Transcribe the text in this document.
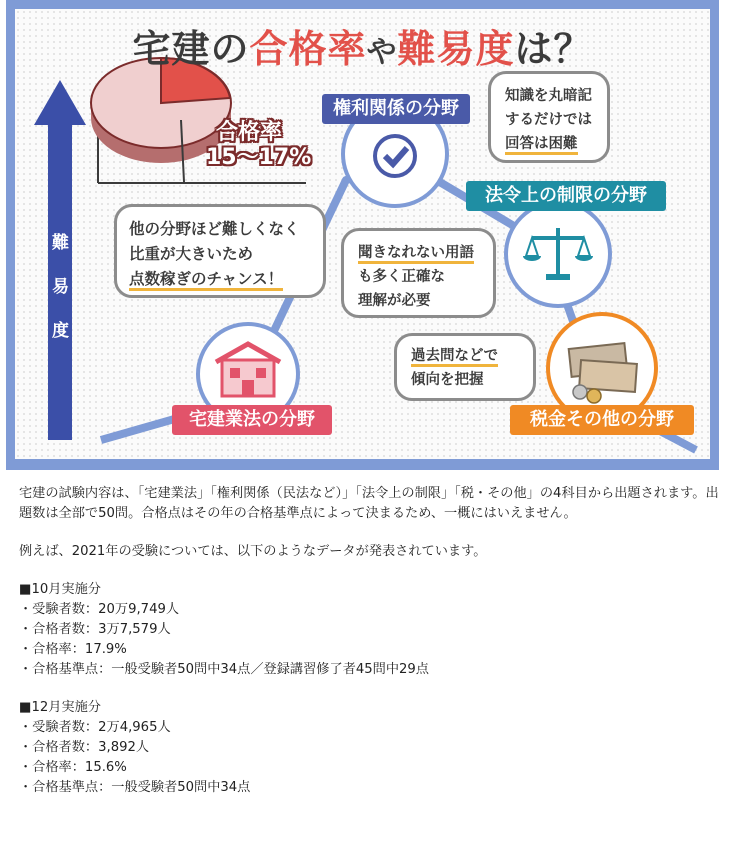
宅建の合格率や難易度は？
難
易
度
合格率
15〜17%

他の分野ほど難しくなく

比重が大きいため

点数稼ぎのチャンス！

知識を丸暗記

するだけでは

回答は困難

聞きなれない用語

も多く正確な

理解が必要

過去問などで

傾向を把握

宅建業法の分野
権利関係の分野
法令上の制限の分野
税金その他の分野

宅建の試験内容は、「宅建業法」「権利関係（民法など）」「法令上の制限」「税・その他」の4科目から出題されます。出題数は全部で50問。合格点はその年の合格基準点によって決まるため、一概にはいえません。

例えば、2021年の受験については、以下のようなデータが発表されています。

■10月実施分

・受験者数：20万9,749人

・合格者数：3万7,579人

・合格率：17.9%

・合格基準点：一般受験者50問中34点／登録講習修了者45問中29点

■12月実施分

・受験者数：2万4,965人

・合格者数：3,892人

・合格率：15.6%

・合格基準点：一般受験者50問中34点
